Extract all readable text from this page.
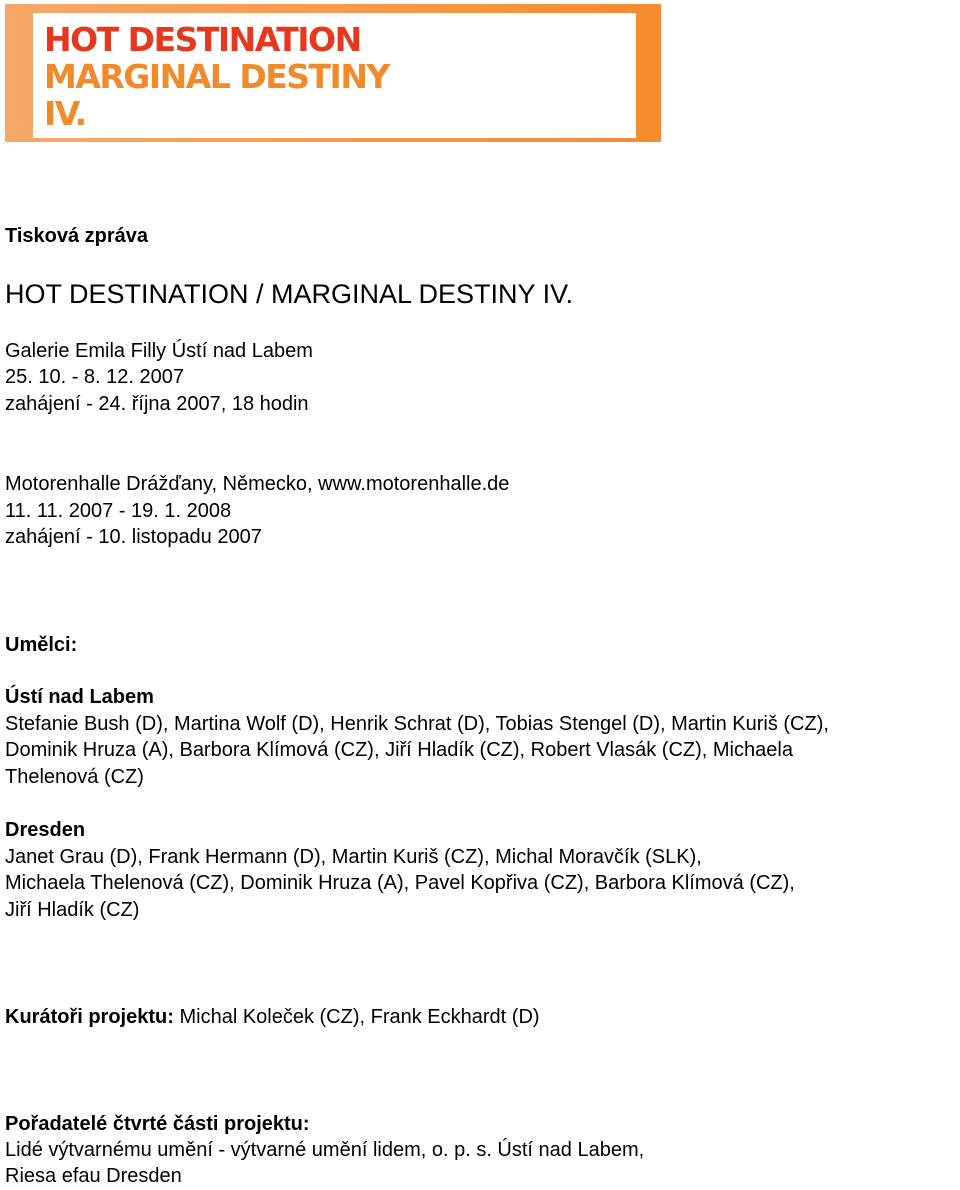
HOT DESTINATION
MARGINAL DESTINY
IV.
Tisková zpráva
HOT DESTINATION / MARGINAL DESTINY IV.
Galerie Emila Filly Ústí nad Labem
25. 10. - 8. 12. 2007
zahájení - 24. října 2007, 18 hodin
Motorenhalle Drážďany, Německo, www.motorenhalle.de
11. 11. 2007 - 19. 1. 2008
zahájení - 10. listopadu 2007
Umělci:
Ústí nad Labem
Stefanie Bush (D), Martina Wolf (D), Henrik Schrat (D), Tobias Stengel (D), Martin Kuriš (CZ),
Dominik Hruza (A), Barbora Klímová (CZ), Jiří Hladík (CZ), Robert Vlasák (CZ), Michaela
Thelenová (CZ)
Dresden
Janet Grau (D), Frank Hermann (D), Martin Kuriš (CZ), Michal Moravčík (SLK),
Michaela Thelenová (CZ), Dominik Hruza (A), Pavel Kopřiva (CZ), Barbora Klímová (CZ),
Jiří Hladík (CZ)
Kurátoři projektu: Michal Koleček (CZ), Frank Eckhardt (D)
Pořadatelé čtvrté části projektu:
Lidé výtvarnému umění - výtvarné umění lidem, o. p. s. Ústí nad Labem,
Riesa efau Dresden
